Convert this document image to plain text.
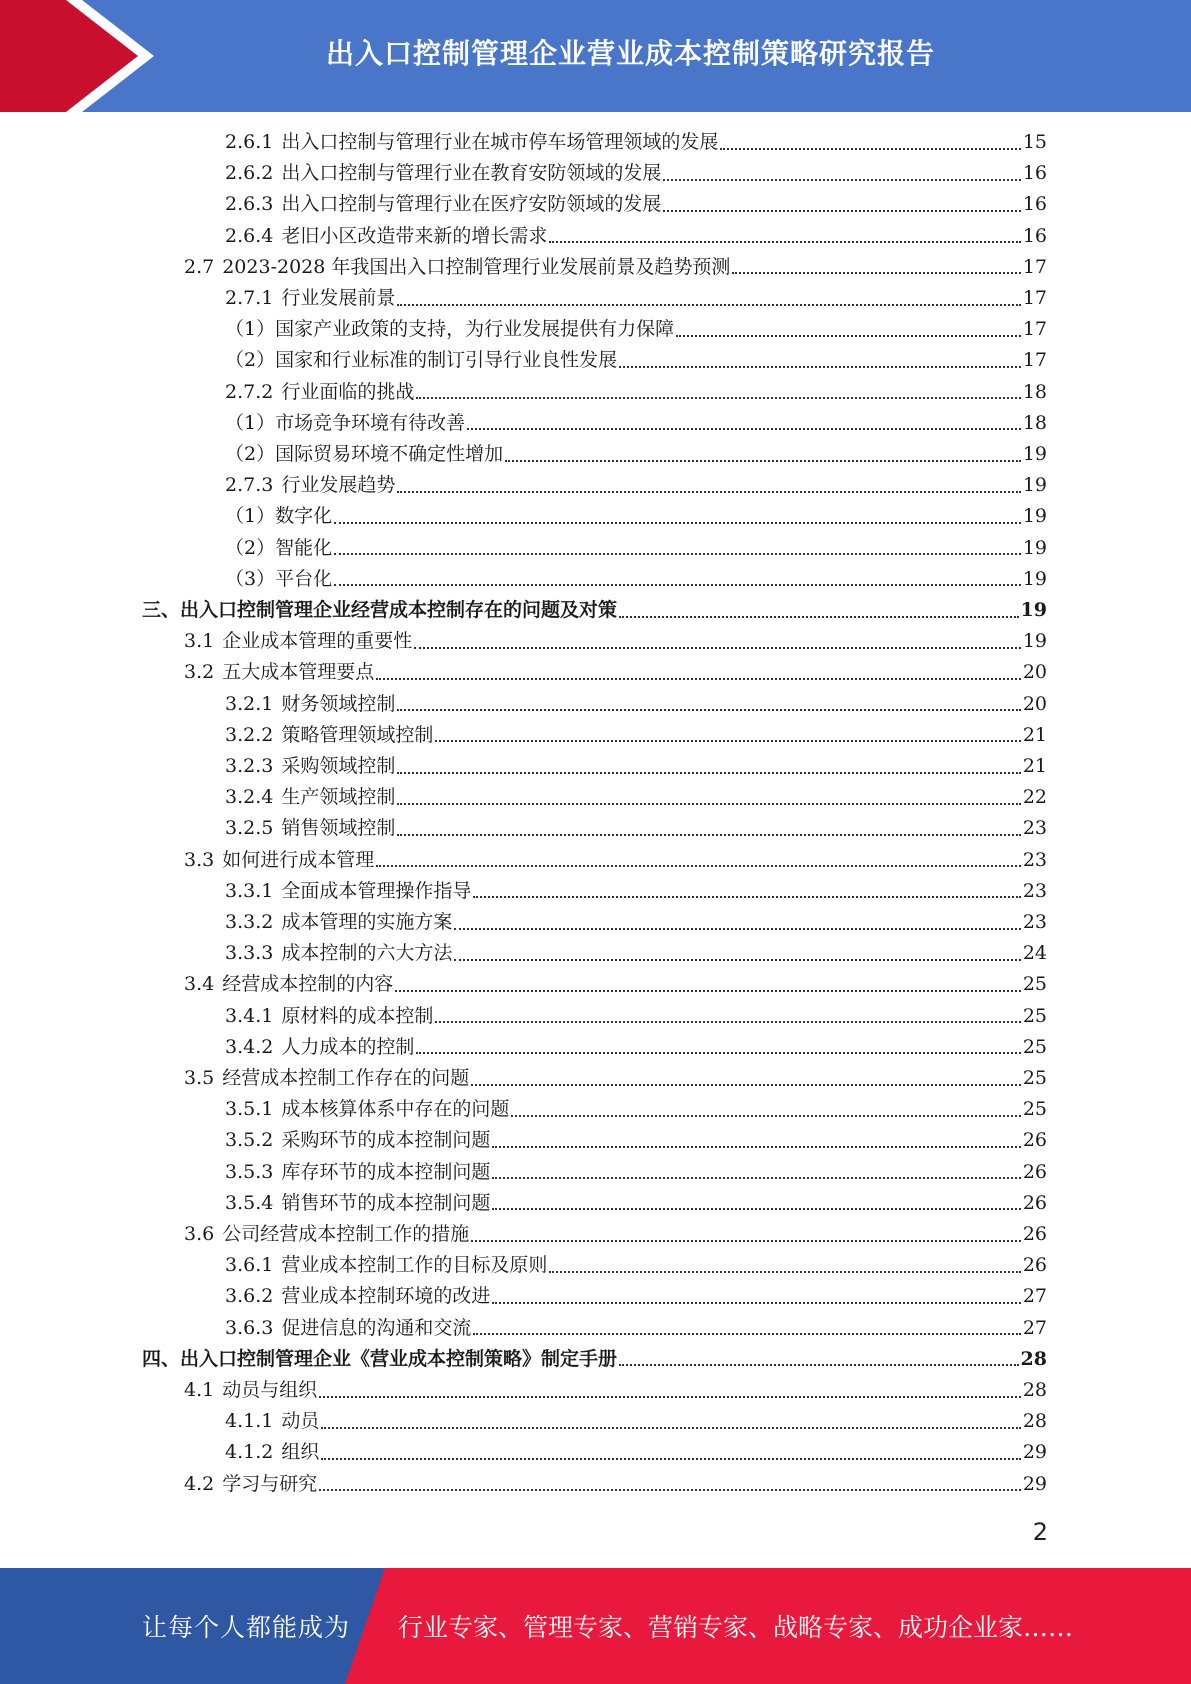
出入口控制管理企业营业成本控制策略研究报告
2.6.1 出入口控制与管理行业在城市停车场管理领域的发展	15
2.6.2 出入口控制与管理行业在教育安防领域的发展	16
2.6.3 出入口控制与管理行业在医疗安防领域的发展	16
2.6.4 老旧小区改造带来新的增长需求	16
2.7 2023-2028 年我国出入口控制管理行业发展前景及趋势预测	17
2.7.1 行业发展前景	17
（1） 国家产业政策的支持，为行业发展提供有力保障	17
（2） 国家和行业标准的制订引导行业良性发展	17
2.7.2 行业面临的挑战	18
（1） 市场竞争环境有待改善	18
（2） 国际贸易环境不确定性增加	19
2.7.3 行业发展趋势	19
（1） 数字化	19
（2） 智能化	19
（3） 平台化	19
三、 出入口控制管理企业经营成本控制存在的问题及对策	19
3.1 企业成本管理的重要性	19
3.2 五大成本管理要点	20
3.2.1 财务领域控制	20
3.2.2 策略管理领域控制	21
3.2.3 采购领域控制	21
3.2.4 生产领域控制	22
3.2.5 销售领域控制	23
3.3 如何进行成本管理	23
3.3.1 全面成本管理操作指导	23
3.3.2 成本管理的实施方案	23
3.3.3 成本控制的六大方法	24
3.4 经营成本控制的内容	25
3.4.1 原材料的成本控制	25
3.4.2 人力成本的控制	25
3.5 经营成本控制工作存在的问题	25
3.5.1 成本核算体系中存在的问题	25
3.5.2 采购环节的成本控制问题	26
3.5.3 库存环节的成本控制问题	26
3.5.4 销售环节的成本控制问题	26
3.6 公司经营成本控制工作的措施	26
3.6.1 营业成本控制工作的目标及原则	26
3.6.2 营业成本控制环境的改进	27
3.6.3 促进信息的沟通和交流	27
四、 出入口控制管理企业《营业成本控制策略》制定手册	28
4.1 动员与组织	28
4.1.1 动员	28
4.1.2 组织	29
4.2 学习与研究	29
2
让每个人都能成为 行业专家、管理专家、营销专家、战略专家、成功企业家……
